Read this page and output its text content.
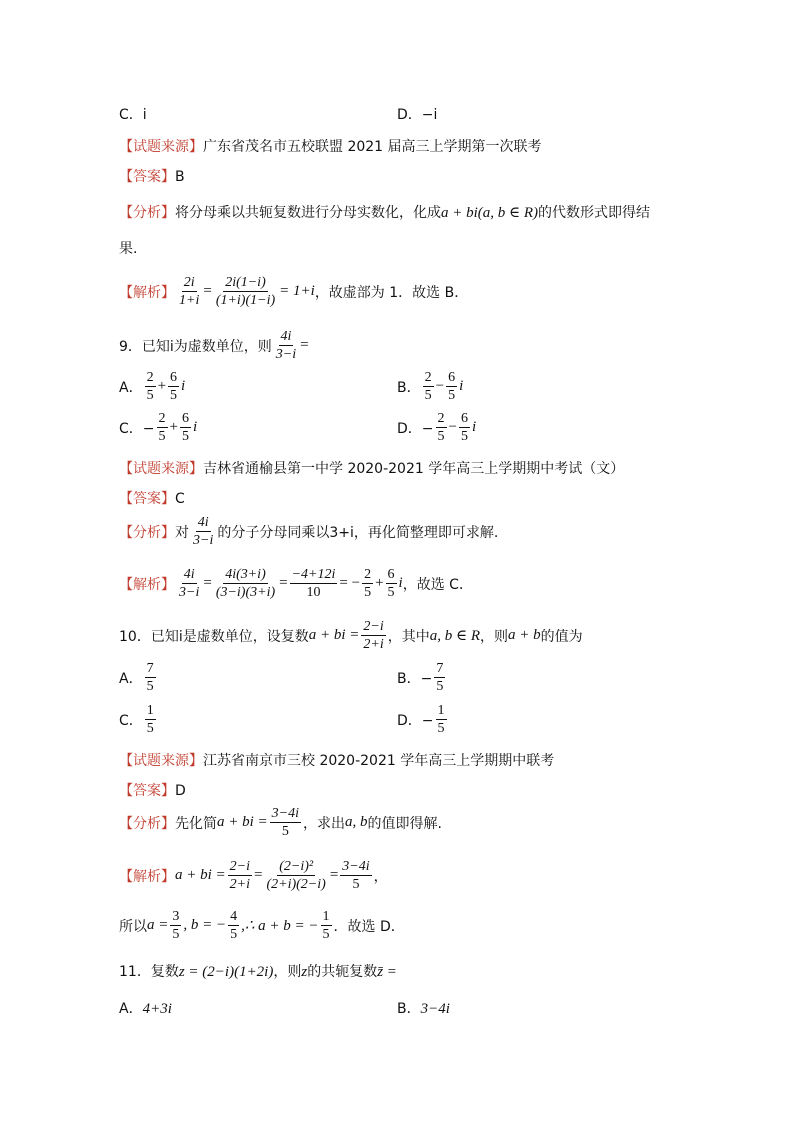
C．i	D．−i
【试题来源】广东省茂名市五校联盟 2021 届高三上学期第一次联考
【答案】B
【分析】将分母乘以共轭复数进行分母实数化，化成a + bi(a, b ∈ R)的代数形式即得结
果.
【解析】 $\frac{2i}{1+i} = \frac{2i(1-i)}{(1+i)(1-i)} = 1+i$ ，故虚部为 1．故选 B．
9．已知i为虚数单位，则 $\frac{4i}{3-i}$ =
A． $\frac{2}{5} + \frac{6}{5}$ i	B． $\frac{2}{5} - \frac{6}{5}$ i
C．− $\frac{2}{5} + \frac{6}{5}$ i	D．− $\frac{2}{5} - \frac{6}{5}$ i
【试题来源】吉林省通榆县第一中学 2020-2021 学年高三上学期期中考试（文）
【答案】C
【分析】 对 $\frac{4i}{3-i}$ 的分子分母同乘以3+i，再化简整理即可求解.
【解析】 $\frac{4i}{3-i} = \frac{4i(3+i)}{(3-i)(3+i)} = \frac{-4+12i}{10}$ = − $\frac{2}{5} + \frac{6}{5}$ i ，故选 C．
10．已知i是虚数单位，设复数 a + bi = $\frac{2-i}{2+i}$ ，其中 a, b ∈ R ，则 a + b 的值为
A． $\frac{7}{5}$	B．− $\frac{7}{5}$
C． $\frac{1}{5}$	D．− $\frac{1}{5}$
【试题来源】江苏省南京市三校 2020-2021 学年高三上学期期中联考
【答案】D
【分析】 先化简 a + bi = $\frac{3-4i}{5}$ ，求出 a, b 的值即得解.
【解析】 a + bi = $\frac{2-i}{2+i} = \frac{\text{(2−i)²}}{(2+i)(2-i)} = \frac{3-4i}{5}$ ，
所以 $a = \frac{3}{5}$ , b = − $\frac{4}{5}$ ,∴ a + b = − $\frac{1}{5}$ ．故选 D．
11．复数z = (2−i)(1+2i)，则z的共轭复数z̄ =
A．4+3i	B．3−4i
